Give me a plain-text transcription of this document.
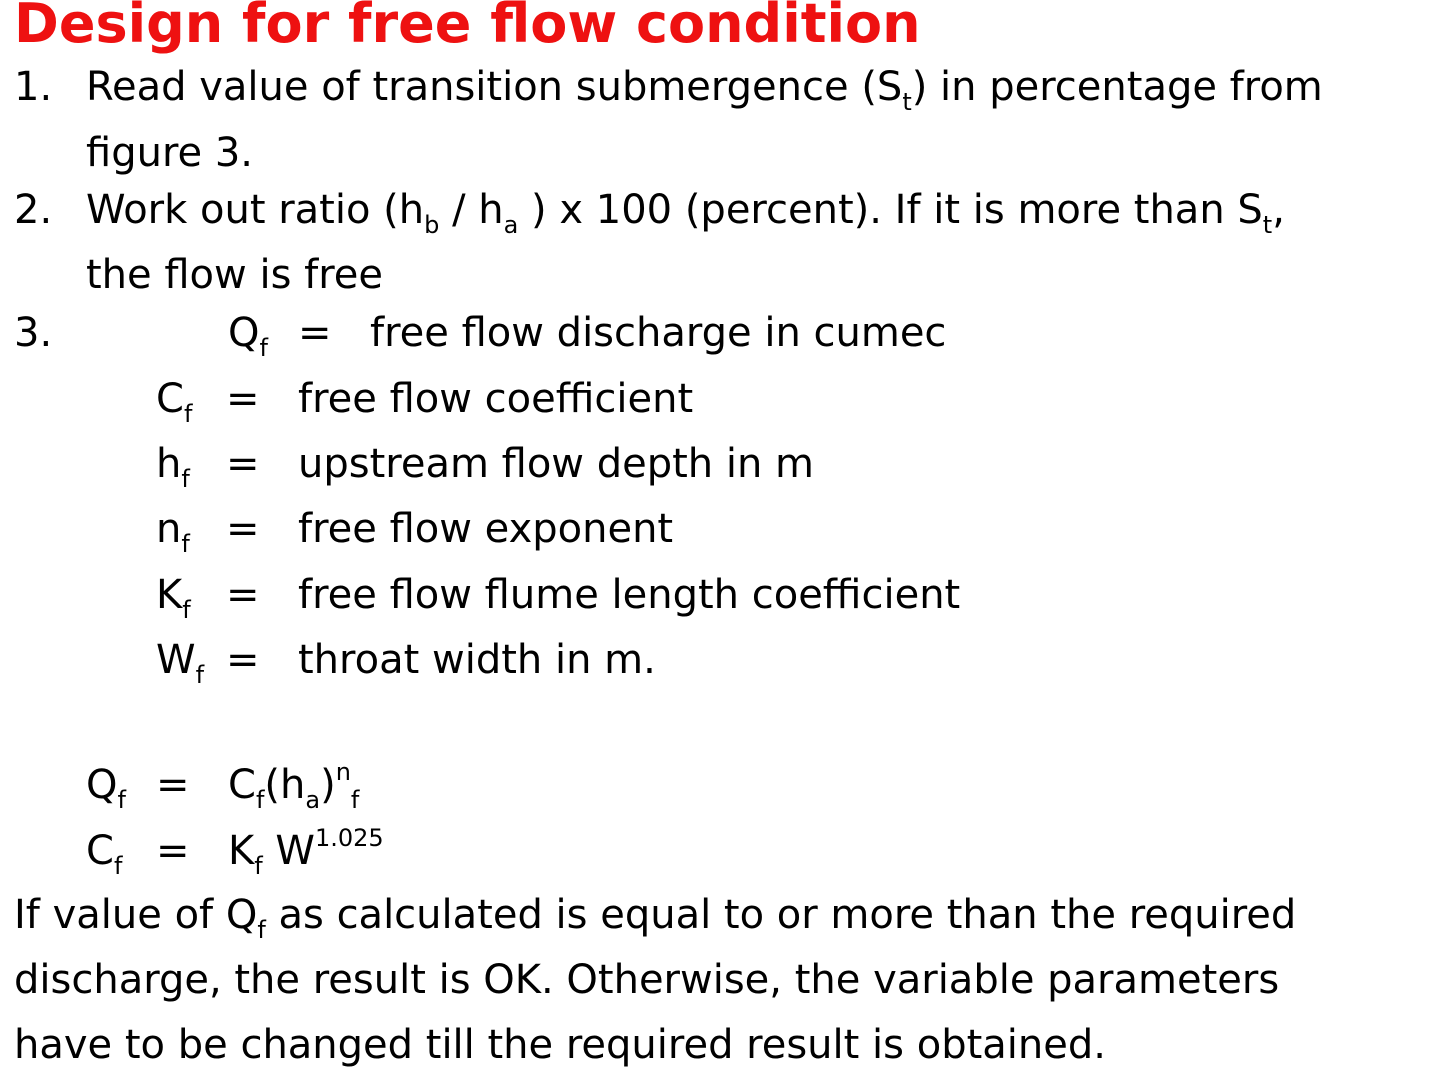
Design for free flow condition
1. Read value of transition submergence $(S_t)$ in percentage from
figure 3.
2. Work out ratio ($h_b / h_a$ ) x 100 (percent). If it is more than $S_t$,
the flow is free
3.	$Q_f$ = free flow discharge in cumec
$C_f$ = free flow coefficient
$h_f$ = upstream flow depth in m
$n_f$ = free flow exponent
$K_f$ = free flow flume length coefficient
$W_f$ = throat width in m.
$Q_f = C_f(h_a)^n_f$
$C_f = K_f$ $W^{1.025}$
If value of $Q_f$ as calculated is equal to or more than the required
discharge, the result is OK. Otherwise, the variable parameters
have to be changed till the required result is obtained.
